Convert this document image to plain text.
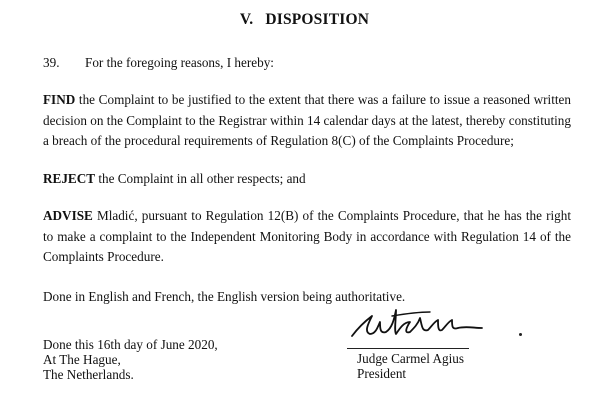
V. DISPOSITION
39. For the foregoing reasons, I hereby:
FIND the Complaint to be justified to the extent that there was a failure to issue a reasoned written
decision on the Complaint to the Registrar within 14 calendar days at the latest, thereby constituting
a breach of the procedural requirements of Regulation 8(C) of the Complaints Procedure;
REJECT the Complaint in all other respects; and
ADVISE Mladić, pursuant to Regulation 12(B) of the Complaints Procedure, that he has the right
to make a complaint to the Independent Monitoring Body in accordance with Regulation 14 of the
Complaints Procedure.
Done in English and French, the English version being authoritative.
Done this 16th day of June 2020,
At The Hague,
The Netherlands.
Judge Carmel Agius
President
